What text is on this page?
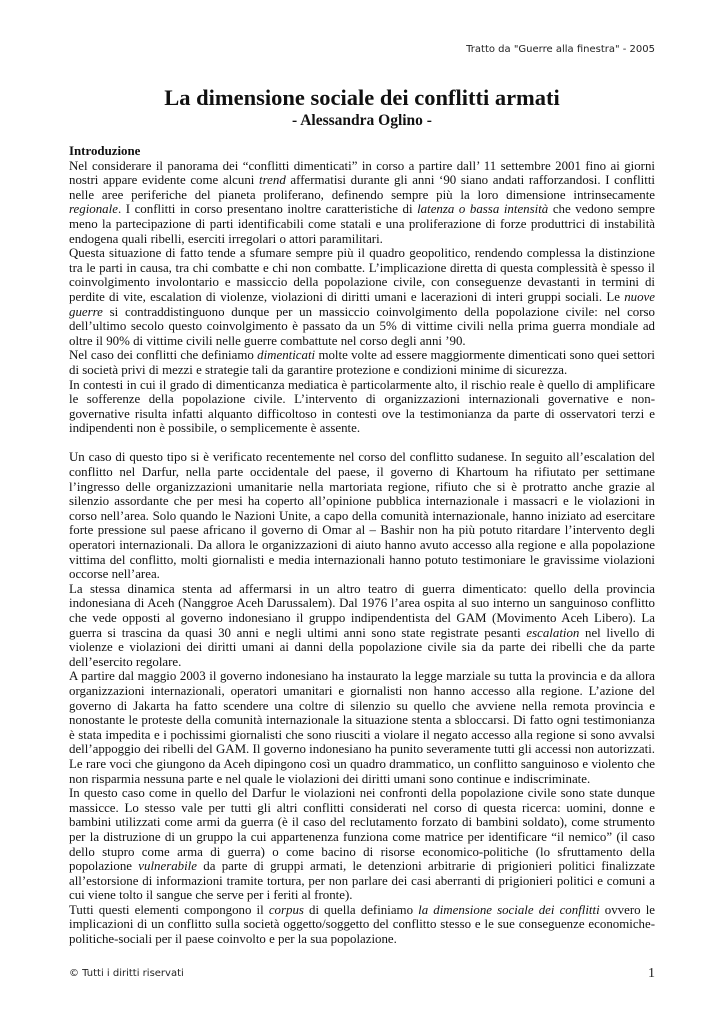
Tratto da "Guerre alla finestra" - 2005
La dimensione sociale dei conflitti armati
- Alessandra Oglino -
Introduzione

Nel considerare il panorama dei “conflitti dimenticati” in corso a partire dall’ 11 settembre 2001 fino ai giorni nostri appare evidente come alcuni trend affermatisi durante gli anni ‘90 siano andati rafforzandosi. I conflitti nelle aree periferiche del pianeta proliferano, definendo sempre più la loro dimensione intrinsecamente regionale. I conflitti in corso presentano inoltre caratteristiche di latenza o bassa intensità che vedono sempre meno la partecipazione di parti identificabili come statali e una proliferazione di forze produttrici di instabilità endogena quali ribelli, eserciti irregolari o attori paramilitari.

Questa situazione di fatto tende a sfumare sempre più il quadro geopolitico, rendendo complessa la distinzione tra le parti in causa, tra chi combatte e chi non combatte. L’implicazione diretta di questa complessità è spesso il coinvolgimento involontario e massiccio della popolazione civile, con conseguenze devastanti in termini di perdite di vite, escalation di violenze, violazioni di diritti umani e lacerazioni di interi gruppi sociali. Le nuove guerre si contraddistinguono dunque per un massiccio coinvolgimento della popolazione civile: nel corso dell’ultimo secolo questo coinvolgimento è passato da un 5% di vittime civili nella prima guerra mondiale ad oltre il 90% di vittime civili nelle guerre combattute nel corso degli anni ’90.

Nel caso dei conflitti che definiamo dimenticati molte volte ad essere maggiormente dimenticati sono quei settori di società privi di mezzi e strategie tali da garantire protezione e condizioni minime di sicurezza.

In contesti in cui il grado di dimenticanza mediatica è particolarmente alto, il rischio reale è quello di amplificare le sofferenze della popolazione civile. L’intervento di organizzazioni internazionali governative e non-governative risulta infatti alquanto difficoltoso in contesti ove la testimonianza da parte di osservatori terzi e indipendenti non è possibile, o semplicemente è assente.

Un caso di questo tipo si è verificato recentemente nel corso del conflitto sudanese. In seguito all’escalation del conflitto nel Darfur, nella parte occidentale del paese, il governo di Khartoum ha rifiutato per settimane l’ingresso delle organizzazioni umanitarie nella martoriata regione, rifiuto che si è protratto anche grazie al silenzio assordante che per mesi ha coperto all’opinione pubblica internazionale i massacri e le violazioni in corso nell’area. Solo quando le Nazioni Unite, a capo della comunità internazionale, hanno iniziato ad esercitare forte pressione sul paese africano il governo di Omar al – Bashir non ha più potuto ritardare l’intervento degli operatori internazionali. Da allora le organizzazioni di aiuto hanno avuto accesso alla regione e alla popolazione vittima del conflitto, molti giornalisti e media internazionali hanno potuto testimoniare le gravissime violazioni occorse nell’area.

La stessa dinamica stenta ad affermarsi in un altro teatro di guerra dimenticato: quello della provincia indonesiana di Aceh (Nanggroe Aceh Darussalem). Dal 1976 l’area ospita al suo interno un sanguinoso conflitto che vede opposti al governo indonesiano il gruppo indipendentista del GAM (Movimento Aceh Libero). La guerra si trascina da quasi 30 anni e negli ultimi anni sono state registrate pesanti escalation nel livello di violenze e violazioni dei diritti umani ai danni della popolazione civile sia da parte dei ribelli che da parte dell’esercito regolare.

A partire dal maggio 2003 il governo indonesiano ha instaurato la legge marziale su tutta la provincia e da allora organizzazioni internazionali, operatori umanitari e giornalisti non hanno accesso alla regione. L’azione del governo di Jakarta ha fatto scendere una coltre di silenzio su quello che avviene nella remota provincia e nonostante le proteste della comunità internazionale la situazione stenta a sbloccarsi. Di fatto ogni testimonianza è stata impedita e i pochissimi giornalisti che sono riusciti a violare il negato accesso alla regione si sono avvalsi dell’appoggio dei ribelli del GAM. Il governo indonesiano ha punito severamente tutti gli accessi non autorizzati. Le rare voci che giungono da Aceh dipingono così un quadro drammatico, un conflitto sanguinoso e violento che non risparmia nessuna parte e nel quale le violazioni dei diritti umani sono continue e indiscriminate.

In questo caso come in quello del Darfur le violazioni nei confronti della popolazione civile sono state dunque massicce. Lo stesso vale per tutti gli altri conflitti considerati nel corso di questa ricerca: uomini, donne e bambini utilizzati come armi da guerra (è il caso del reclutamento forzato di bambini soldato), come strumento per la distruzione di un gruppo la cui appartenenza funziona come matrice per identificare “il nemico” (il caso dello stupro come arma di guerra) o come bacino di risorse economico-politiche (lo sfruttamento della popolazione vulnerabile da parte di gruppi armati, le detenzioni arbitrarie di prigionieri politici finalizzate all’estorsione di informazioni tramite tortura, per non parlare dei casi aberranti di prigionieri politici e comuni a cui viene tolto il sangue che serve per i feriti al fronte).

Tutti questi elementi compongono il corpus di quella definiamo la dimensione sociale dei conflitti ovvero le implicazioni di un conflitto sulla società oggetto/soggetto del conflitto stesso e le sue conseguenze economiche-politiche-sociali per il paese coinvolto e per la sua popolazione.

© Tutti i diritti riservati	1
